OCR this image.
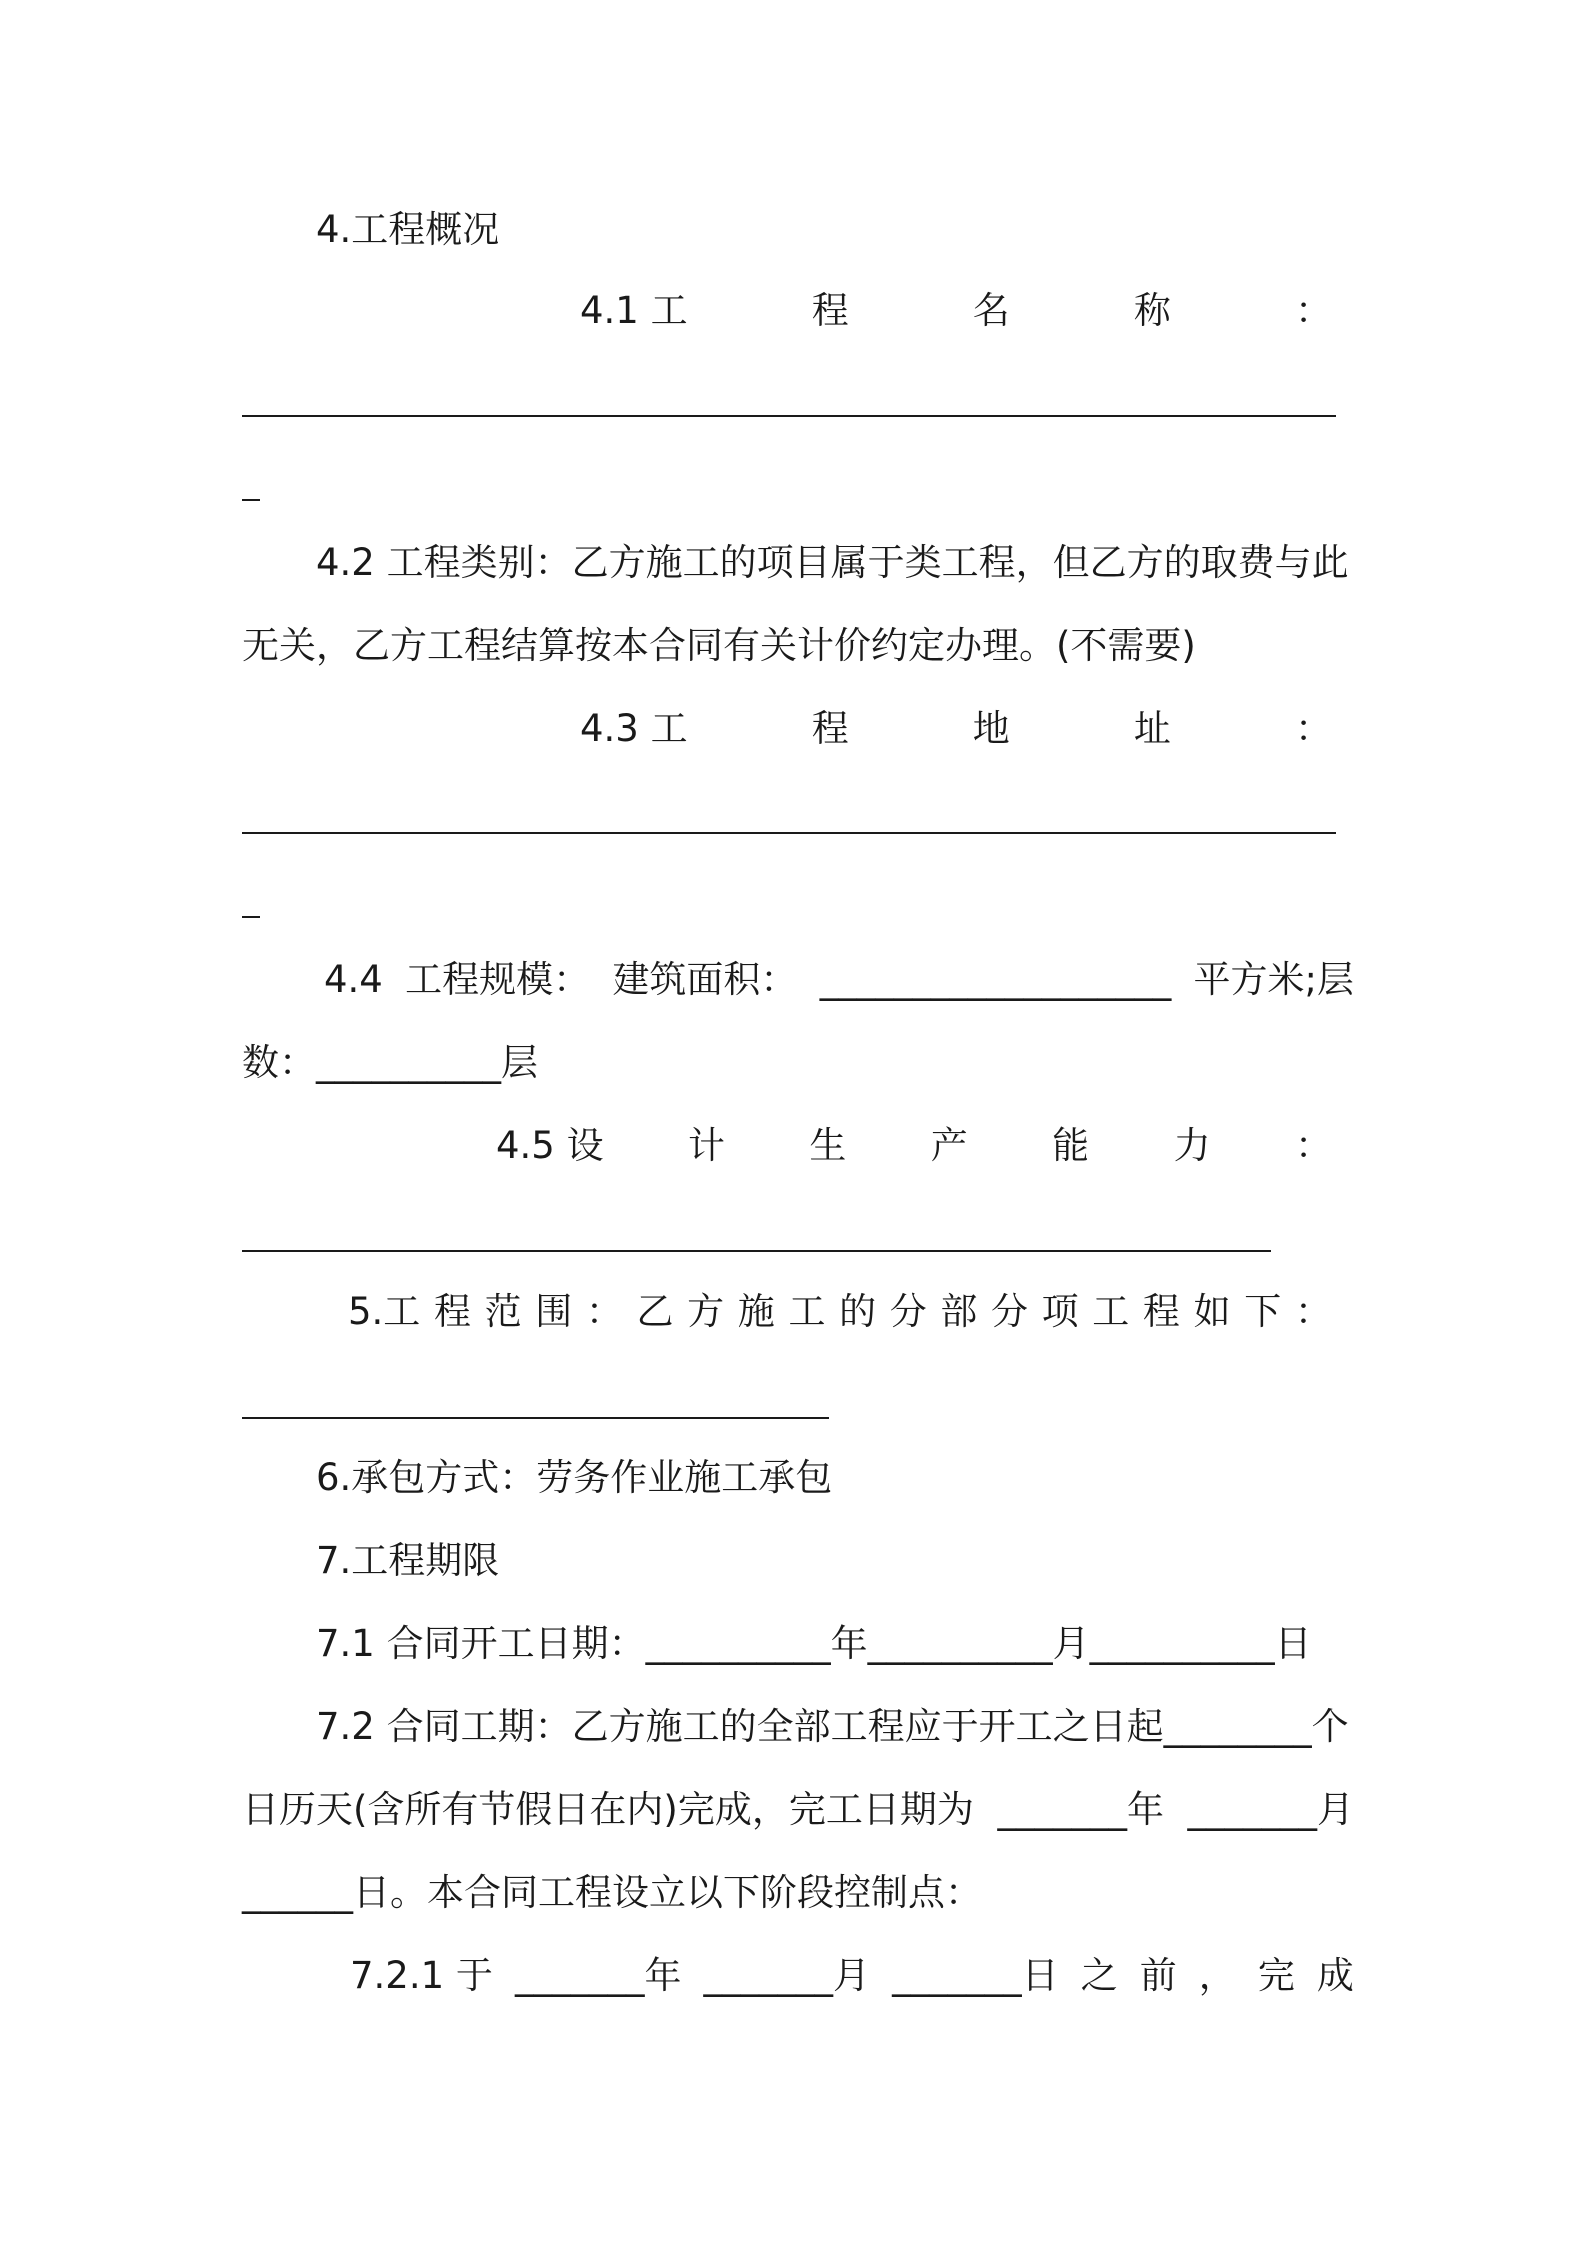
4.工程概况
4.1 工	程	名	称	：
4.2 工程类别：乙方施工的项目属于类工程，但乙方的取费与此
无关，乙方工程结算按本合同有关计价约定办理。(不需要)
4.3 工	程	地	址	：
4.4 工程规模： 建筑面积： ___________________ 平方米;层
数：__________层
4.5 设 计 生 产 能 力 ：
5.工 程 范 围 ： 乙 方 施 工 的 分 部 分 项 工 程 如 下 ：
6.承包方式：劳务作业施工承包
7.工程期限
7.1 合同开工日期：__________年__________月__________日
7.2 合同工期：乙方施工的全部工程应于开工之日起________个
日历天(含所有节假日在内)完成，完工日期为 _______年 _______月
______日。本合同工程设立以下阶段控制点：
7.2.1 于 _______年 _______月 _______日 之 前 ， 完 成
